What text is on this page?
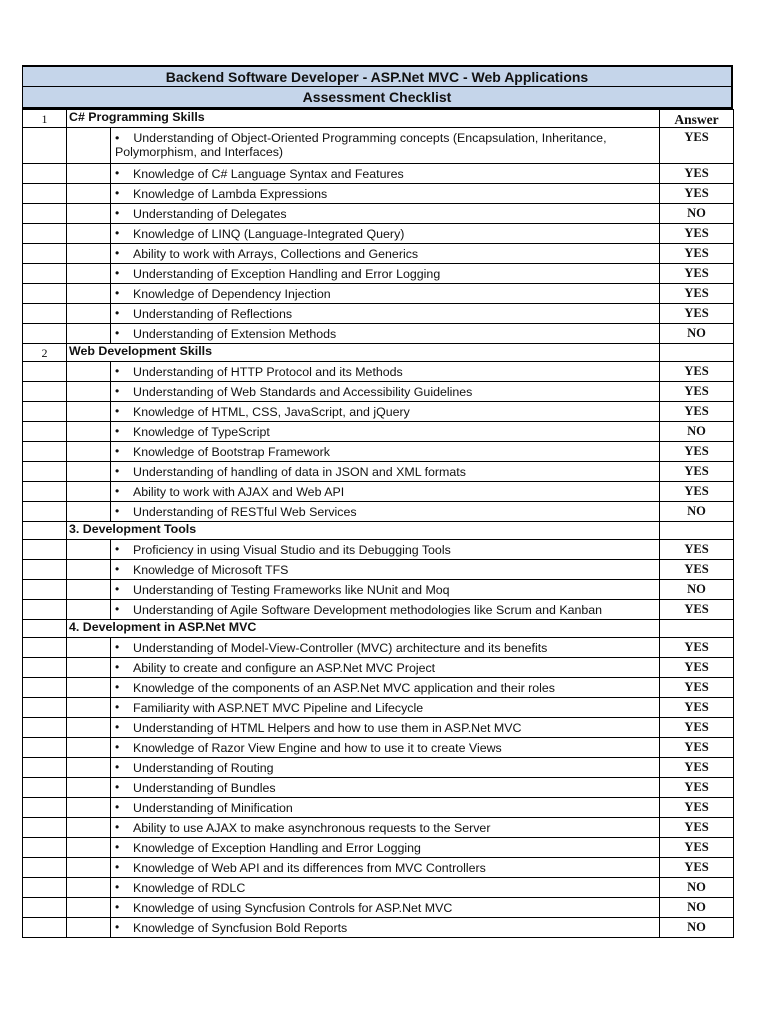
Backend Software Developer - ASP.Net MVC - Web Applications
Assessment Checklist
1	C# Programming Skills		Answer
		• Understanding of Object-Oriented Programming concepts (Encapsulation, Inheritance, Polymorphism, and Interfaces)	YES

		• Knowledge of C# Language Syntax and Features	YES

		• Knowledge of Lambda Expressions	YES

		• Understanding of Delegates	NO

		• Knowledge of LINQ (Language-Integrated Query)	YES

		• Ability to work with Arrays, Collections and Generics	YES

		• Understanding of Exception Handling and Error Logging	YES

		• Knowledge of Dependency Injection	YES

		• Understanding of Reflections	YES

		• Understanding of Extension Methods	NO
2	Web Development Skills		

		• Understanding of HTTP Protocol and its Methods	YES

		• Understanding of Web Standards and Accessibility Guidelines	YES

		• Knowledge of HTML, CSS, JavaScript, and jQuery	YES

		• Knowledge of TypeScript	NO

		• Knowledge of Bootstrap Framework	YES

		• Understanding of handling of data in JSON and XML formats	YES

		• Ability to work with AJAX and Web API	YES

		• Understanding of RESTful Web Services	NO
	3. Development Tools		

		• Proficiency in using Visual Studio and its Debugging Tools	YES

		• Knowledge of Microsoft TFS	YES

		• Understanding of Testing Frameworks like NUnit and Moq	NO

		• Understanding of Agile Software Development methodologies like Scrum and Kanban	YES
	4. Development in ASP.Net MVC		

		• Understanding of Model-View-Controller (MVC) architecture and its benefits	YES

		• Ability to create and configure an ASP.Net MVC Project	YES

		• Knowledge of the components of an ASP.Net MVC application and their roles	YES

		• Familiarity with ASP.NET MVC Pipeline and Lifecycle	YES

		• Understanding of HTML Helpers and how to use them in ASP.Net MVC	YES

		• Knowledge of Razor View Engine and how to use it to create Views	YES

		• Understanding of Routing	YES

		• Understanding of Bundles	YES

		• Understanding of Minification	YES

		• Ability to use AJAX to make asynchronous requests to the Server	YES

		• Knowledge of Exception Handling and Error Logging	YES

		• Knowledge of Web API and its differences from MVC Controllers	YES

		• Knowledge of RDLC	NO

		• Knowledge of using Syncfusion Controls for ASP.Net MVC	NO

		• Knowledge of Syncfusion Bold Reports	NO
